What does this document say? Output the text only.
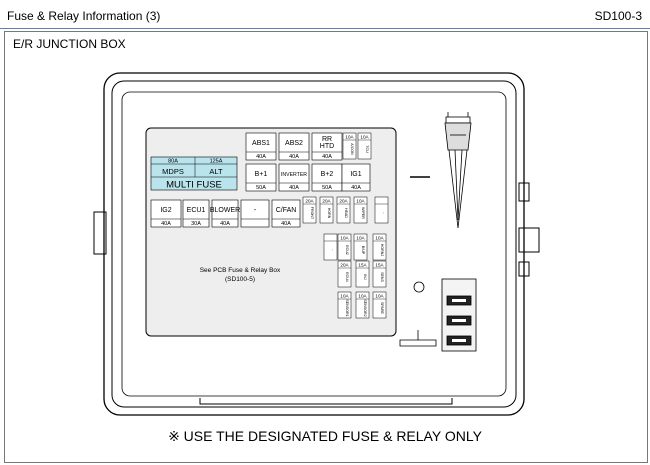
Fuse & Relay Information (3)	SD100-3
E/R JUNCTION BOX
80A	125A
MDPS	ALT
MULTI FUSE
ABS1
40A
ABS2
40A
RR
HTD
40A
B+1
50A
INVERTER
40A
B+2
50A
IG1
40A
IG2
40A
ECU1
30A
BLOWER
40A
-	C/FAN
40A
10A
A/CON
10A
TCU
20A
FRONT
20A
HORN
20A
HEAD
10A
WIPER
-
-
10A
ECU2
10A
B/UP
10A
HORN2
20A
ECU4
15A
INJ
15A
SENS
10A
SENSOR1
10A
SENSOR2
10A
SPARE
See PCB Fuse & Relay Box
(SD100-5)
※ USE THE DESIGNATED FUSE & RELAY ONLY
